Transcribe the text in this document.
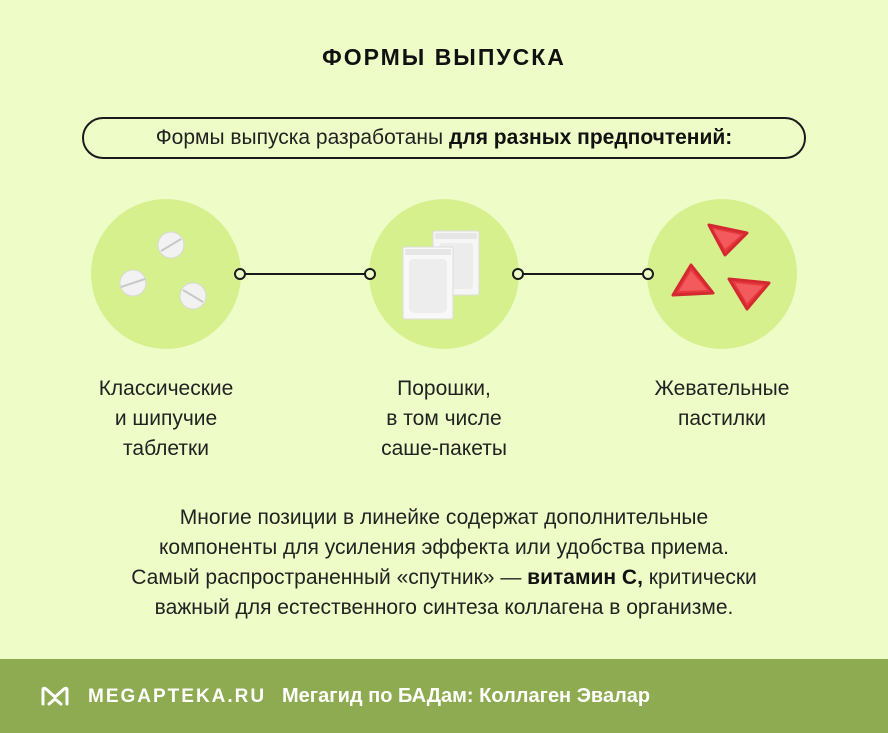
ФОРМЫ ВЫПУСКА
Формы выпуска разработаны для разных предпочтений:
Классические
и шипучие
таблетки
Порошки,
в том числе
саше-пакеты
Жевательные
пастилки
Многие позиции в линейке содержат дополнительные
компоненты для усиления эффекта или удобства приема.
Самый распространенный «спутник» — витамин С, критически
важный для естественного синтеза коллагена в организме.
MEGAPTEKA.RU Мегагид по БАДам: Коллаген Эвалар
